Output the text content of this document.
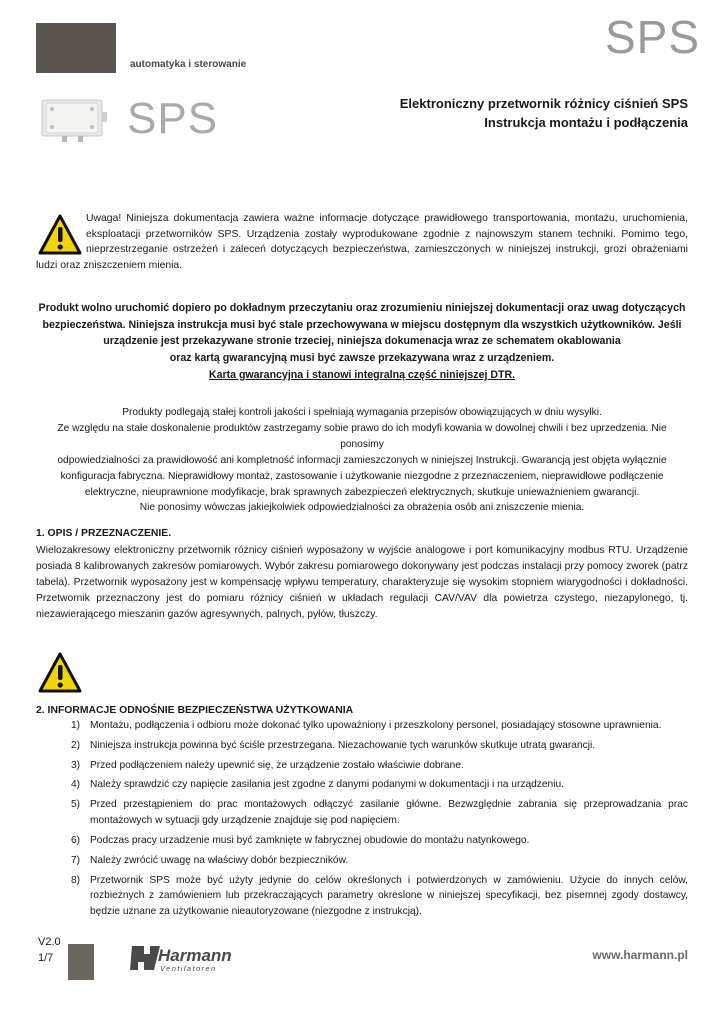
automatyka i sterowanie
SPS
SPS	Elektroniczny przetwornik różnicy ciśnień SPS
Instrukcja montażu i podłączenia
Uwaga! Niniejsza dokumentacja zawiera ważne informacje dotyczące prawidłowego transportowania, montażu, uruchomienia, eksploatacji przetworników SPS. Urządzenia zostały wyprodukowane zgodnie z najnowszym stanem techniki. Pomimo tego, nieprzestrzeganie ostrzeżeń i zaleceń dotyczących bezpieczeństwa, zamieszczonych w niniejszej instrukcji, grozi obrażeniami ludzi oraz zniszczeniem mienia.
Produkt wolno uruchomić dopiero po dokładnym przeczytaniu oraz zrozumieniu niniejszej dokumentacji oraz uwag dotyczących
bezpieczeństwa. Niniejsza instrukcja musi być stale przechowywana w miejscu dostępnym dla wszystkich użytkowników. Jeśli
urządzenie jest przekazywane stronie trzeciej, niniejsza dokumenacja wraz ze schematem okablowania
oraz kartą gwarancyjną musi być zawsze przekazywana wraz z urządzeniem.
Karta gwarancyjna i stanowi integralną część niniejszej DTR.
Produkty podlegają stałej kontroli jakości i spełniają wymagania przepisów obowiązujących w dniu wysyłki.
Ze względu na stałe doskonalenie produktów zastrzegamy sobie prawo do ich modyfi kowania w dowolnej chwili i bez uprzedzenia. Nie ponosimy
odpowiedzialności za prawidłowość ani kompletność informacji zamieszczonych w niniejszej Instrukcji. Gwarancją jest objęta wyłącznie
konfiguracja fabryczna. Nieprawidłowy montaż, zastosowanie i użytkowanie niezgodne z przeznaczeniem, nieprawidłowe podłączenie
elektryczne, nieuprawnione modyfikacje, brak sprawnych zabezpieczeń elektrycznych, skutkuje unieważnieniem gwarancji.
Nie ponosimy wówczas jakiejkolwiek odpowiedzialności za obrażenia osób ani zniszczenie mienia.
1. OPIS / PRZEZNACZENIE.
Wielozakresowy elektroniczny przetwornik różnicy ciśnień wyposażony w wyjście analogowe i port komunikacyjny modbus RTU. Urządzenie posiada 8 kalibrowanych zakresów pomiarowych. Wybór zakresu pomiarowego dokonywany jest podczas instalacji przy pomocy zworek (patrz tabela). Przetwornik wyposażony jest w kompensację wpływu temperatury, charakteryzuje się wysokim stopniem wiarygodności i dokładności. Przetwornik przeznaczony jest do pomiaru różnicy ciśnień w układach regulacji CAV/VAV dla powietrza czystego, niezapylonego, tj. niezawierającego mieszanin gazów agresywnych, palnych, pyłów, tłuszczy.
2. INFORMACJE ODNOŚNIE BEZPIECZEŃSTWA UŻYTKOWANIA
1) Montażu, podłączenia i odbioru może dokonać tylko upoważniony i przeszkolony personel, posiadający stosowne uprawnienia.
2) Niniejsza instrukcja powinna być ściśle przestrzegana. Niezachowanie tych warunków skutkuje utratą gwarancji.
3) Przed podłączeniem należy upewnić się, że urządzenie zostało właściwie dobrane.
4) Należy sprawdzić czy napięcie zasilania jest zgodne z danymi podanymi w dokumentacji i na urządzeniu.
5) Przed przestąpieniem do prac montażowych odłączyć zasilanie główne. Bezwzględnie zabrania się przeprowadzania prac montażowych w sytuacji gdy urządzenie znajduje się pod napięciem.
6) Podczas pracy urzadzenie musi być zamknięte w fabrycznej obudowie do montażu natynkowego.
7) Należy zwrócić uwagę na właściwy dobór bezpieczników.
8) Przetwornik SPS może być użyty jedynie do celów określonych i potwierdzonych w zamówieniu. Użycie do innych celów, rozbieżnych z zamówieniem lub przekraczających parametry okreslone w niniejszej specyfikacji, bez pisemnej zgody dostawcy, będzie uznane za użytkowanie nieautoryzowane (niezgodne z instrukcją).
V2.0
1/7	Harmann
Ventilatoren
www.harmann.pl
